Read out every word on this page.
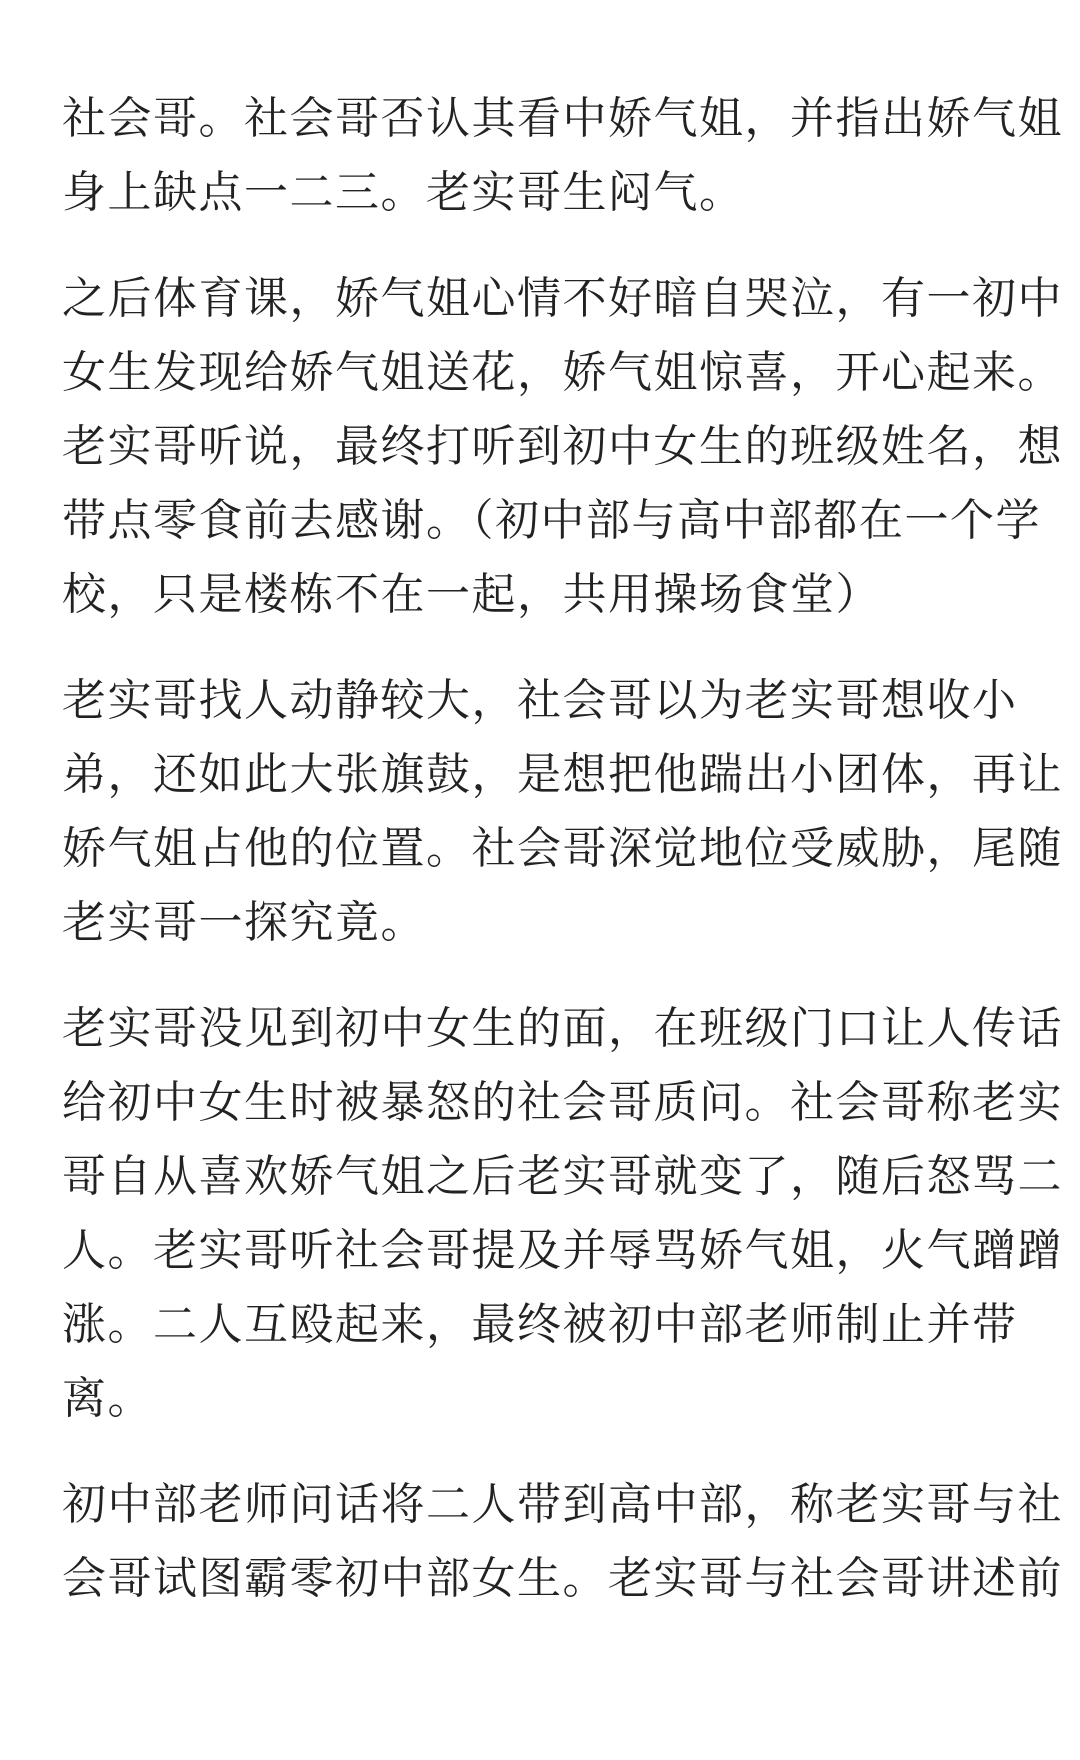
社会哥。社会哥否认其看中娇气姐，并指出娇气姐
身上缺点一二三。老实哥生闷气。
之后体育课，娇气姐心情不好暗自哭泣，有一初中
女生发现给娇气姐送花，娇气姐惊喜，开心起来。
老实哥听说，最终打听到初中女生的班级姓名，想
带点零食前去感谢。（初中部与高中部都在一个学
校，只是楼栋不在一起，共用操场食堂）
老实哥找人动静较大，社会哥以为老实哥想收小
弟，还如此大张旗鼓，是想把他踹出小团体，再让
娇气姐占他的位置。社会哥深觉地位受威胁，尾随
老实哥一探究竟。
老实哥没见到初中女生的面，在班级门口让人传话
给初中女生时被暴怒的社会哥质问。社会哥称老实
哥自从喜欢娇气姐之后老实哥就变了，随后怒骂二
人。老实哥听社会哥提及并辱骂娇气姐，火气蹭蹭
涨。二人互殴起来，最终被初中部老师制止并带
离。
初中部老师问话将二人带到高中部，称老实哥与社
会哥试图霸零初中部女生。老实哥与社会哥讲述前
